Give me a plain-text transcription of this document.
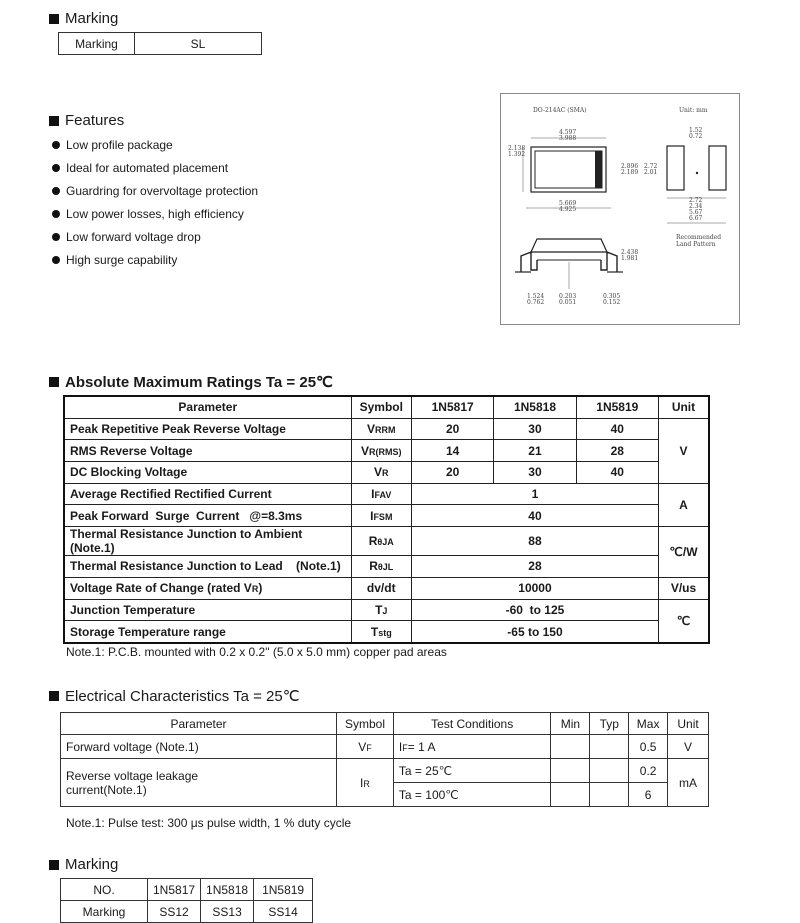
Marking
Marking	SL
Features
Low profile package
Ideal for automated placement
Guardring for overvoltage protection
Low power losses, high efficiency
Low forward voltage drop
High surge capability
DO-214AC (SMA)	Unit: mm
4.597
3.988
2.138
1.392
2.896
2.189
2.72
2.01
5.669
4.925
1.52
0.72
2.72
2.34
5.67
6.67
Recommended
Land Pattern
2.438
1.981
1.524
0.762
0.203
0.051
0.305
0.152
Absolute Maximum Ratings Ta = 25℃
Parameter	Symbol	1N5817	1N5818	1N5819	Unit
Peak Repetitive Peak Reverse Voltage	VRRM	20	30	40	V
RMS Reverse Voltage	VR(RMS)	14	21	28	
DC Blocking Voltage	VR	20	30	40	
Average Rectified Rectified Current	IFAV	1			A
Peak Forward  Surge  Current   @=8.3ms	IFSM	40			
Thermal Resistance Junction to Ambient (Note.1)	RθJA	88			℃/W
Thermal Resistance Junction to Lead    (Note.1)	RθJL	28			
Voltage Rate of Change (rated VR)	dv/dt	10000			V/us
Junction Temperature	TJ	-60  to 125			℃
Storage Temperature range	Tstg	-65 to 150			
Note.1: P.C.B. mounted with 0.2 x 0.2" (5.0 x 5.0 mm) copper pad areas
Electrical Characteristics Ta = 25℃
Parameter	Symbol	Test Conditions	Min	Typ	Max	Unit
Forward voltage (Note.1)	VF	IF= 1 A			0.5	V

Reverse voltage leakage
current(Note.1)	IR	Ta = 25℃			0.2	mA
		Ta = 100℃			6	
Note.1: Pulse test: 300 μs pulse width, 1 % duty cycle
Marking
NO.	1N5817	1N5818	1N5819
Marking	SS12	SS13	SS14
